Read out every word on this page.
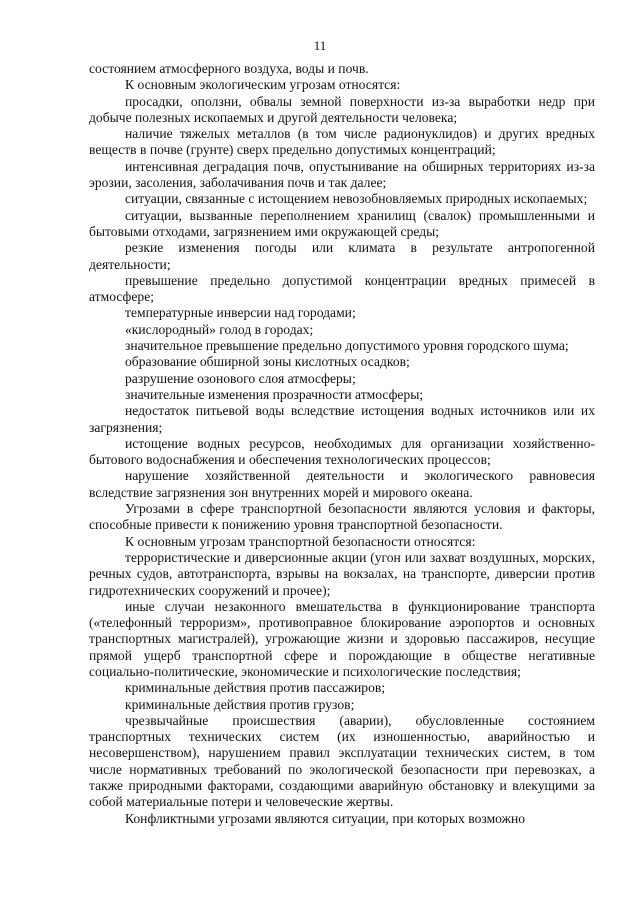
11

состоянием атмосферного воздуха, воды и почв.

К основным экологическим угрозам относятся:

просадки, оползни, обвалы земной поверхности из-за выработки недр при добыче полезных ископаемых и другой деятельности человека;

наличие тяжелых металлов (в том числе радионуклидов) и других вредных веществ в почве (грунте) сверх предельно допустимых концентраций;

интенсивная деградация почв, опустынивание на обширных территориях из-за эрозии, засоления, заболачивания почв и так далее;

ситуации, связанные с истощением невозобновляемых природных ископаемых;

ситуации, вызванные переполнением хранилищ (свалок) промышленными и бытовыми отходами, загрязнением ими окружающей среды;

резкие изменения погоды или климата в результате антропогенной деятельности;

превышение предельно допустимой концентрации вредных примесей в атмосфере;

температурные инверсии над городами;

«кислородный» голод в городах;

значительное превышение предельно допустимого уровня городского шума;

образование обширной зоны кислотных осадков;

разрушение озонового слоя атмосферы;

значительные изменения прозрачности атмосферы;

недостаток питьевой воды вследствие истощения водных источников или их загрязнения;

истощение водных ресурсов, необходимых для организации хозяйственно-бытового водоснабжения и обеспечения технологических процессов;

нарушение хозяйственной деятельности и экологического равновесия вследствие загрязнения зон внутренних морей и мирового океана.

Угрозами в сфере транспортной безопасности являются условия и факторы, способные привести к понижению уровня транспортной безопасности.

К основным угрозам транспортной безопасности относятся:

террористические и диверсионные акции (угон или захват воздушных, морских, речных судов, автотранспорта, взрывы на вокзалах, на транспорте, диверсии против гидротехнических сооружений и прочее);

иные случаи незаконного вмешательства в функционирование транспорта («телефонный терроризм», противоправное блокирование аэропортов и основных транспортных магистралей), угрожающие жизни и здоровью пассажиров, несущие прямой ущерб транспортной сфере и порождающие в обществе негативные социально-политические, экономические и психологические последствия;

криминальные действия против пассажиров;

криминальные действия против грузов;

чрезвычайные происшествия (аварии), обусловленные состоянием транспортных технических систем (их изношенностью, аварийностью и несовершенством), нарушением правил эксплуатации технических систем, в том числе нормативных требований по экологической безопасности при перевозках, а также природными факторами, создающими аварийную обстановку и влекущими за собой материальные потери и человеческие жертвы.

Конфликтными угрозами являются ситуации, при которых возможно
